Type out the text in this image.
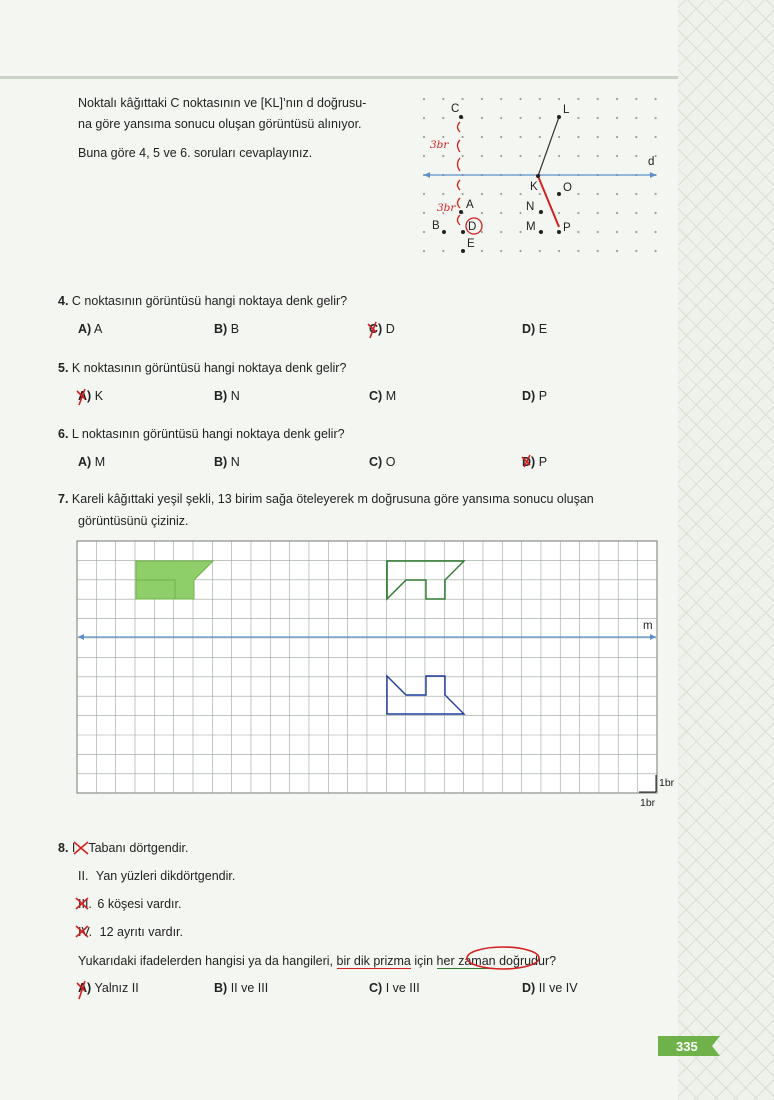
Noktalı kâğıttaki C noktasının ve [KL]’nın d doğrusu-
na göre yansıma sonucu oluşan görüntüsü alınıyor.
Buna göre 4, 5 ve 6. soruları cevaplayınız.
C	L
d
K O
A	N
B D	M P
E
3br
3br
4. C noktasının görüntüsü hangi noktaya denk gelir?
A) A	B) B	C) D	D) E
5. K noktasının görüntüsü hangi noktaya denk gelir?
A) K	B) N	C) M	D) P
6. L noktasının görüntüsü hangi noktaya denk gelir?
A) M	B) N	C) O	D) P
7. Kareli kâğıttaki yeşil şekli, 13 birim sağa öteleyerek m doğrusuna göre yansıma sonucu oluşan
görüntüsünü çiziniz.
m
1br
1br
8. I. Tabanı dörtgendir.
II. Yan yüzleri dikdörtgendir.
III. 6 köşesi vardır.
IV. 12 ayrıtı vardır.
Yukarıdaki ifadelerden hangisi ya da hangileri, bir dik prizma için her zaman doğrudur?
A) Yalnız II	B) II ve III	C) I ve III	D) II ve IV
335
